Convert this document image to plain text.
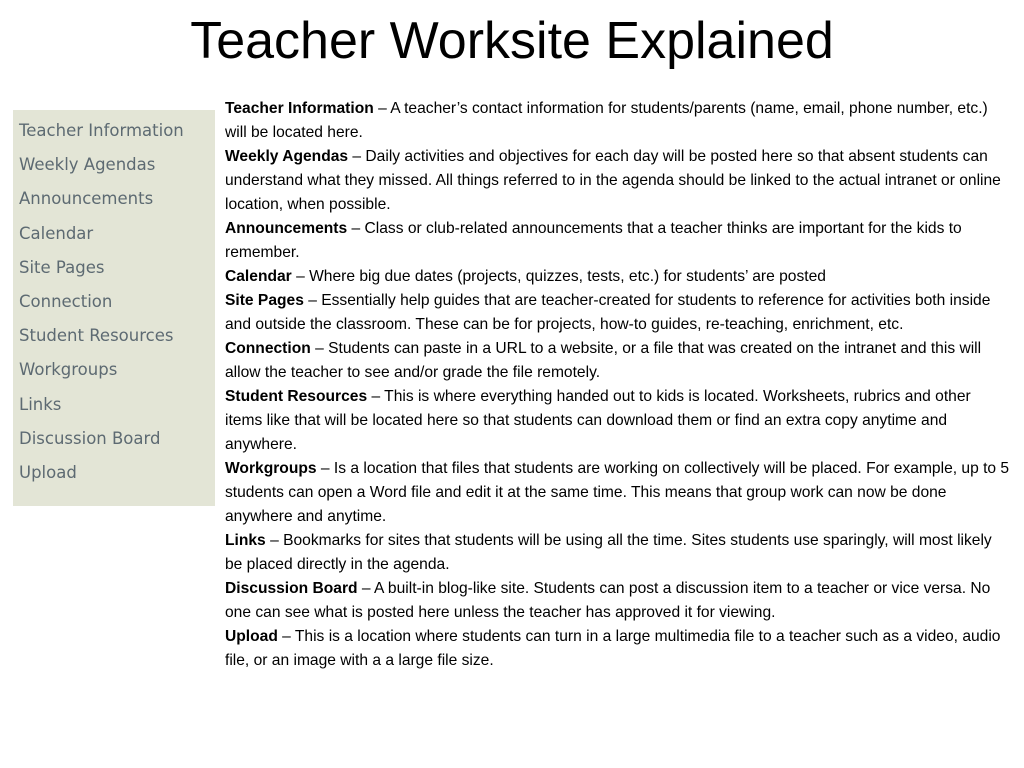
Teacher Worksite Explained
Teacher Information
Weekly Agendas
Announcements
Calendar
Site Pages
Connection
Student Resources
Workgroups
Links
Discussion Board
Upload

Teacher Information – A teacher’s contact information for students/parents (name, email, phone number, etc.) will be located here.

Weekly Agendas – Daily activities and objectives for each day will be posted here so that absent students can understand what they missed. All things referred to in the agenda should be linked to the actual intranet or online location, when possible.

Announcements – Class or club-related announcements that a teacher thinks are important for the kids to remember.

Calendar – Where big due dates (projects, quizzes, tests, etc.) for students’ are posted

Site Pages – Essentially help guides that are teacher-created for students to reference for activities both inside and outside the classroom. These can be for projects, how-to guides, re-teaching, enrichment, etc.

Connection – Students can paste in a URL to a website, or a file that was created on the intranet and this will allow the teacher to see and/or grade the file remotely.

Student Resources – This is where everything handed out to kids is located. Worksheets, rubrics and other items like that will be located here so that students can download them or find an extra copy anytime and anywhere.

Workgroups – Is a location that files that students are working on collectively will be placed. For example, up to 5 students can open a Word file and edit it at the same time. This means that group work can now be done anywhere and anytime.

Links – Bookmarks for sites that students will be using all the time. Sites students use sparingly, will most likely be placed directly in the agenda.

Discussion Board – A built-in blog-like site. Students can post a discussion item to a teacher or vice versa. No one can see what is posted here unless the teacher has approved it for viewing.

Upload – This is a location where students can turn in a large multimedia file to a teacher such as a video, audio file, or an image with a a large file size.
